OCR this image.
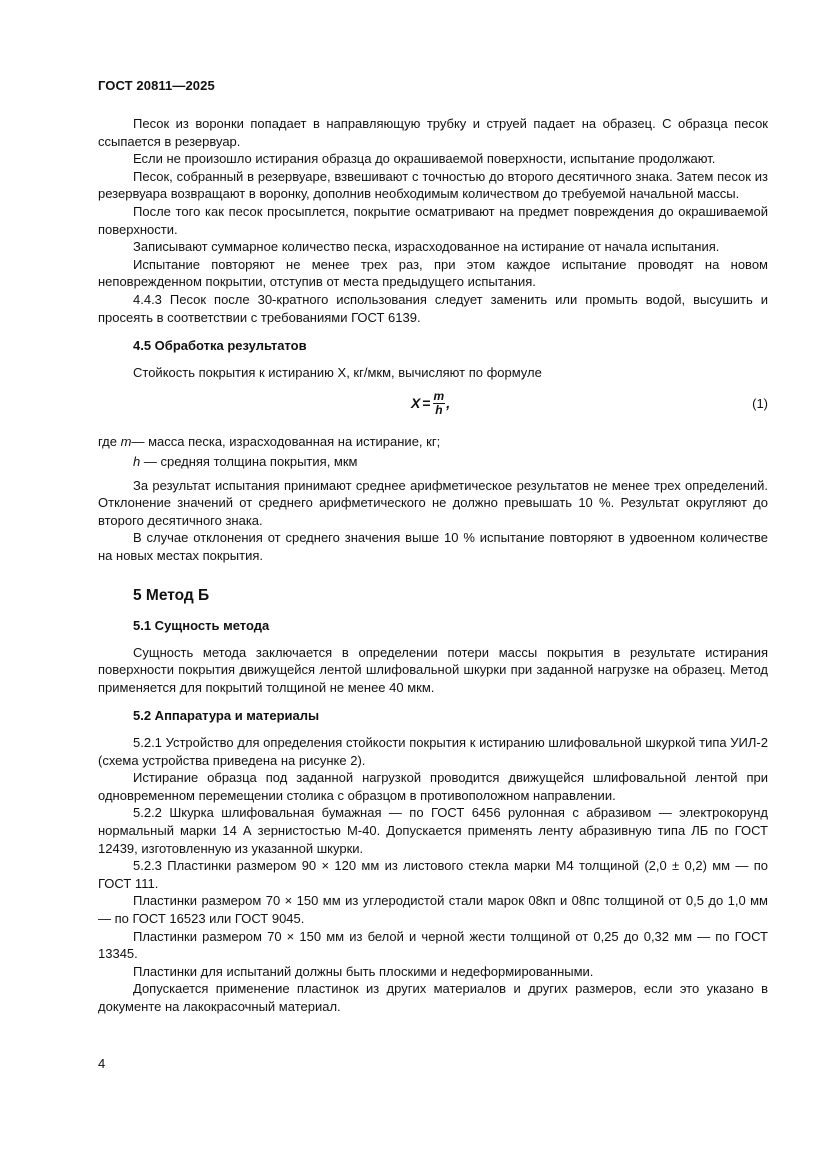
ГОСТ 20811—2025

Песок из воронки попадает в направляющую трубку и струей падает на образец. С образца песок ссыпается в резервуар.

Если не произошло истирания образца до окрашиваемой поверхности, испытание продолжают.

Песок, собранный в резервуаре, взвешивают с точностью до второго десятичного знака. Затем песок из резервуара возвращают в воронку, дополнив необходимым количеством до требуемой начальной массы.

После того как песок просыплется, покрытие осматривают на предмет повреждения до окрашиваемой поверхности.

Записывают суммарное количество песка, израсходованное на истирание от начала испытания.

Испытание повторяют не менее трех раз, при этом каждое испытание проводят на новом неповрежденном покрытии, отступив от места предыдущего испытания.

4.4.3 Песок после 30-кратного использования следует заменить или промыть водой, высушить и просеять в соответствии с требованиями ГОСТ 6139.

4.5 Обработка результатов

Стойкость покрытия к истиранию X, кг/мкм, вычисляют по формуле

$X = \frac{m}{h}$ ,	(1)
где
m — масса песка, израсходованная на истирание, кг;
h — средняя толщина покрытия, мкм

За результат испытания принимают среднее арифметическое результатов не менее трех определений. Отклонение значений от среднего арифметического не должно превышать 10 %. Результат округляют до второго десятичного знака.

В случае отклонения от среднего значения выше 10 % испытание повторяют в удвоенном количестве на новых местах покрытия.

5 Метод Б
5.1 Сущность метода

Сущность метода заключается в определении потери массы покрытия в результате истирания поверхности покрытия движущейся лентой шлифовальной шкурки при заданной нагрузке на образец. Метод применяется для покрытий толщиной не менее 40 мкм.

5.2 Аппаратура и материалы

5.2.1 Устройство для определения стойкости покрытия к истиранию шлифовальной шкуркой типа УИЛ-2 (схема устройства приведена на рисунке 2).

Истирание образца под заданной нагрузкой проводится движущейся шлифовальной лентой при одновременном перемещении столика с образцом в противоположном направлении.

5.2.2 Шкурка шлифовальная бумажная — по ГОСТ 6456 рулонная с абразивом — электрокорунд нормальный марки 14 А зернистостью М-40. Допускается применять ленту абразивную типа ЛБ по ГОСТ 12439, изготовленную из указанной шкурки.

5.2.3 Пластинки размером 90 × 120 мм из листового стекла марки М4 толщиной (2,0 ± 0,2) мм — по ГОСТ 111.

Пластинки размером 70 × 150 мм из углеродистой стали марок 08кп и 08пс толщиной от 0,5 до 1,0 мм — по ГОСТ 16523 или ГОСТ 9045.

Пластинки размером 70 × 150 мм из белой и черной жести толщиной от 0,25 до 0,32 мм — по ГОСТ 13345.

Пластинки для испытаний должны быть плоскими и недеформированными.

Допускается применение пластинок из других материалов и других размеров, если это указано в документе на лакокрасочный материал.

4
